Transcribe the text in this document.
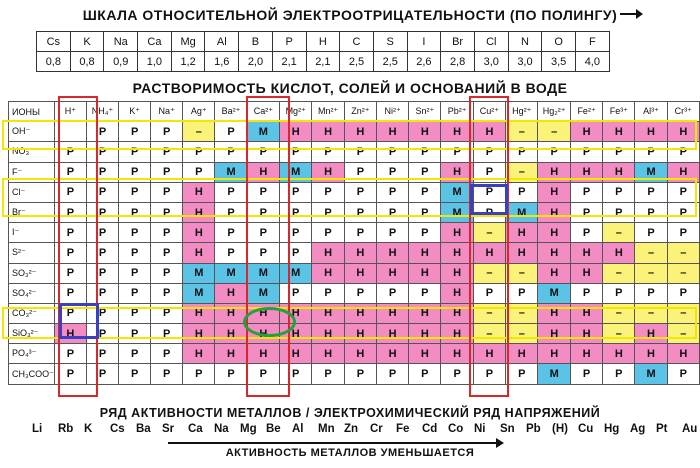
ШКАЛА ОТНОСИТЕЛЬНОЙ ЭЛЕКТРООТРИЦАТЕЛЬНОСТИ (ПО ПОЛИНГУ)
Cs	K	Na	Ca	Mg	Al	B	P	H	C	S	I	Br	Cl	N	O	F
0,8	0,8	0,9	1,0	1,2	1,6	2,0	2,1	2,1	2,5	2,5	2,6	2,8	3,0	3,0	3,5	4,0
РАСТВОРИМОСТЬ КИСЛОТ, СОЛЕЙ И ОСНОВАНИЙ В ВОДЕ
ИОНЫ	H⁺	NH₄⁺	K⁺	Na⁺	Ag⁺	Ba²⁺	Ca²⁺	Mg²⁺	Mn²⁺	Zn²⁺	Ni²⁺	Sn²⁺	Pb²⁺	Cu²⁺	Hg²⁺	Hg₂²⁺	Fe²⁺	Fe³⁺	Al³⁺	Cr³⁺
OH⁻		Р	Р	Р	–	Р	М	Н	Н	Н	Н	Н	Н	Н	–	–	Н	Н	Н	Н
NO₃⁻	Р	Р	Р	Р	Р	Р	Р	Р	Р	Р	Р	Р	Р	Р	Р	Р	Р	Р	Р	Р
F⁻	Р	Р	Р	Р	Р	М	Н	М	Н	Р	Р	Р	Н	Р	–	Н	Н	Н	М	Н
Cl⁻	Р	Р	Р	Р	Н	Р	Р	Р	Р	Р	Р	Р	М	Р	Р	Н	Р	Р	Р	Р
Br⁻	Р	Р	Р	Р	Н	Р	Р	Р	Р	Р	Р	Р	М	Р	М	Н	Р	Р	Р	Р
I⁻	Р	Р	Р	Р	Н	Р	Р	Р	Р	Р	Р	Р	Н	–	Н	Н	Р	–	Р	Р
S²⁻	Р	Р	Р	Р	Н	Р	Р	Р	Н	Н	Н	Н	Н	Н	Н	Н	Н	Н	–	–
SO₃²⁻	Р	Р	Р	Р	М	М	М	М	Н	Н	Н	Н	Н	–	–	Н	Н	–	–	–
SO₄²⁻	Р	Р	Р	Р	М	Н	М	Р	Р	Р	Р	Р	Н	Р	Р	М	Р	Р	Р	Р
CO₃²⁻	Р	Р	Р	Р	Н	Н	Н	Н	Н	Н	Н	Н	Н	–	–	Н	Н	–	–	–
SiO₃²⁻	Н	Р	Р	Р	Н	Н	Н	Н	Н	Н	Н	Н	Н	–	–	Н	Н	–	Н	–
PO₄³⁻	Р	Р	Р	Р	Н	Н	Н	Н	Н	Н	Н	Н	Н	Н	Н	Н	Н	Н	Н	Н
CH₃COO⁻	Р	Р	Р	Р	Р	Р	Р	Р	Р	Р	Р	Р	Р	Р	Р	М	Р	Р	М	Р
РЯД АКТИВНОСТИ МЕТАЛЛОВ / ЭЛЕКТРОХИМИЧЕСКИЙ РЯД НАПРЯЖЕНИЙ
Li Rb K Cs Ba Sr Ca Na Mg Be Al Mn Zn Cr Fe Cd Co Ni Sn Pb (H) Cu Hg Ag Pt Au
АКТИВНОСТЬ МЕТАЛЛОВ УМЕНЬШАЕТСЯ
